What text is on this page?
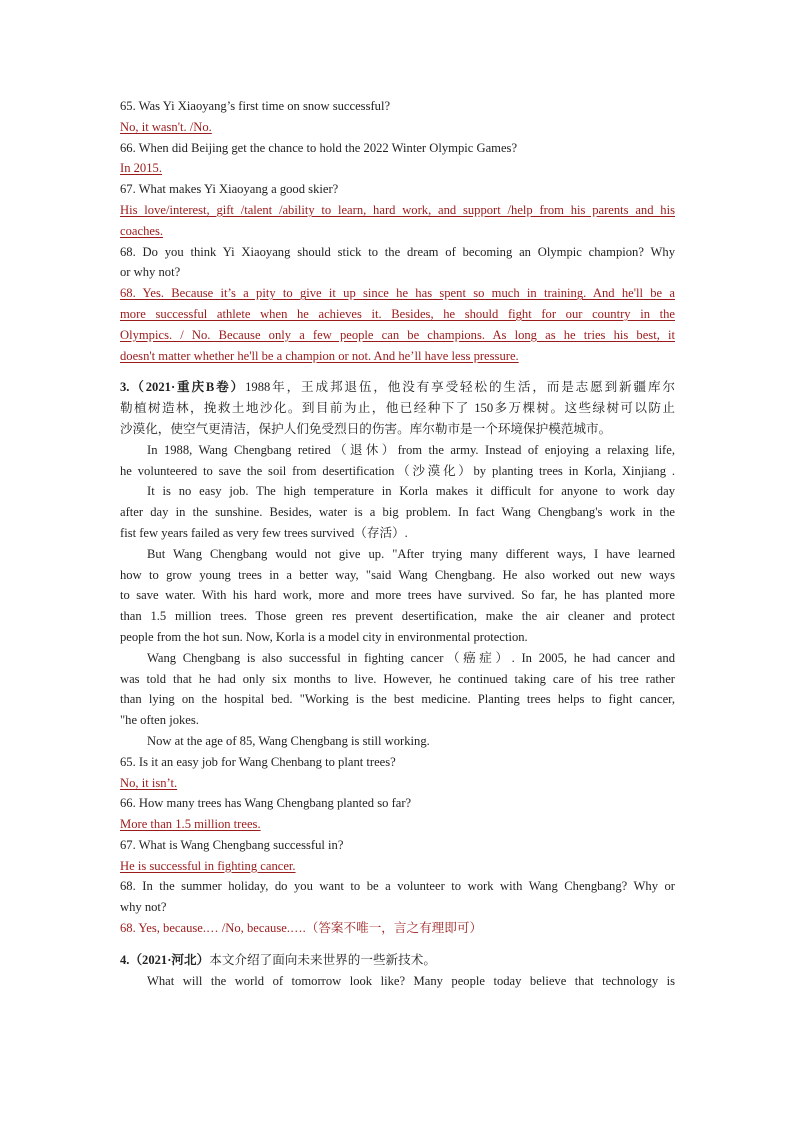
65. Was Yi Xiaoyang’s first time on snow successful?
No, it wasn't. /No.
66. When did Beijing get the chance to hold the 2022 Winter Olympic Games?
In 2015.
67. What makes Yi Xiaoyang a good skier?
His love/interest, gift /talent /ability to learn, hard work, and support /help from his parents and his
coaches.
68. Do you think Yi Xiaoyang should stick to the dream of becoming an Olympic champion? Why
or why not?
68. Yes. Because it’s a pity to give it up since he has spent so much in training. And he'll be a
more successful athlete when he achieves it. Besides, he should fight for our country in the
Olympics. / No. Because only a few people can be champions. As long as he tries his best, it
doesn't matter whether he'll be a champion or not. And he’ll have less pressure.
3.（2021·重庆B卷）1988年，王成邦退伍，他没有享受轻松的生活，而是志愿到新疆库尔
勒植树造林，挽救土地沙化。到目前为止，他已经种下了 150多万棵树。这些绿树可以防止
沙漠化，使空气更清洁，保护人们免受烈日的伤害。库尔勒市是一个环境保护模范城市。
In 1988, Wang Chengbang retired（退休）from the army. Instead of enjoying a relaxing life,
he volunteered to save the soil from desertification（沙漠化）by planting trees in Korla, Xinjiang .
It is no easy job. The high temperature in Korla makes it difficult for anyone to work day
after day in the sunshine. Besides, water is a big problem. In fact Wang Chengbang's work in the
fist few years failed as very few trees survived（存活）.
But Wang Chengbang would not give up. "After trying many different ways, I have learned
how to grow young trees in a better way, "said Wang Chengbang. He also worked out new ways
to save water. With his hard work, more and more trees have survived. So far, he has planted more
than 1.5 million trees. Those green res prevent desertification, make the air cleaner and protect
people from the hot sun. Now, Korla is a model city in environmental protection.
Wang Chengbang is also successful in fighting cancer（癌症）. In 2005, he had cancer and
was told that he had only six months to live. However, he continued taking care of his tree rather
than lying on the hospital bed. "Working is the best medicine. Planting trees helps to fight cancer,
"he often jokes.
Now at the age of 85, Wang Chengbang is still working.
65. Is it an easy job for Wang Chenbang to plant trees?
No, it isn’t.
66. How many trees has Wang Chengbang planted so far?
More than 1.5 million trees.
67. What is Wang Chengbang successful in?
He is successful in fighting cancer.
68. In the summer holiday, do you want to be a volunteer to work with Wang Chengbang? Why or
why not?
68. Yes, because.… /No, because.….（答案不唯一，言之有理即可）
4.（2021·河北）本文介绍了面向未来世界的一些新技术。
What will the world of tomorrow look like? Many people today believe that technology is
